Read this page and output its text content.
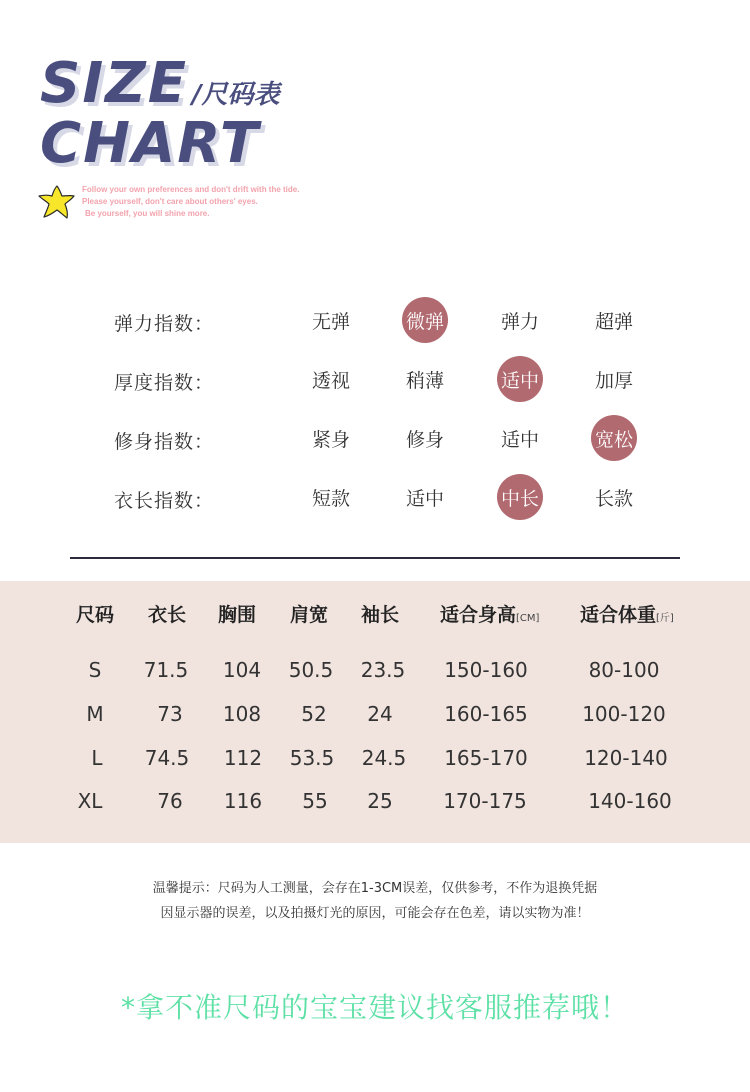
SIZE
CHART
/尺码表
Follow your own preferences and don't drift with the tide.
Please yourself, don't care about others' eyes.
Be yourself, you will shine more.
弹力指数：	无弹	微弹	弹力	超弹
厚度指数：	透视	稍薄	适中	加厚
修身指数：	紧身	修身	适中	宽松
衣长指数：	短款	适中	中长	长款
尺码 衣长 胸围 肩宽 袖长 适合身高[CM] 适合体重[斤]
S 71.5 104 50.5 23.5 150-160	80-100
M	73 108 52 24	160-165	100-120
L 74.5 112 53.5 24.5 165-170	120-140
XL	76 116 55 25	170-175	140-160
温馨提示：尺码为人工测量，会存在1-3CM误差，仅供参考，不作为退换凭据
因显示器的误差，以及拍摄灯光的原因，可能会存在色差，请以实物为准！
*拿不准尺码的宝宝建议找客服推荐哦！
